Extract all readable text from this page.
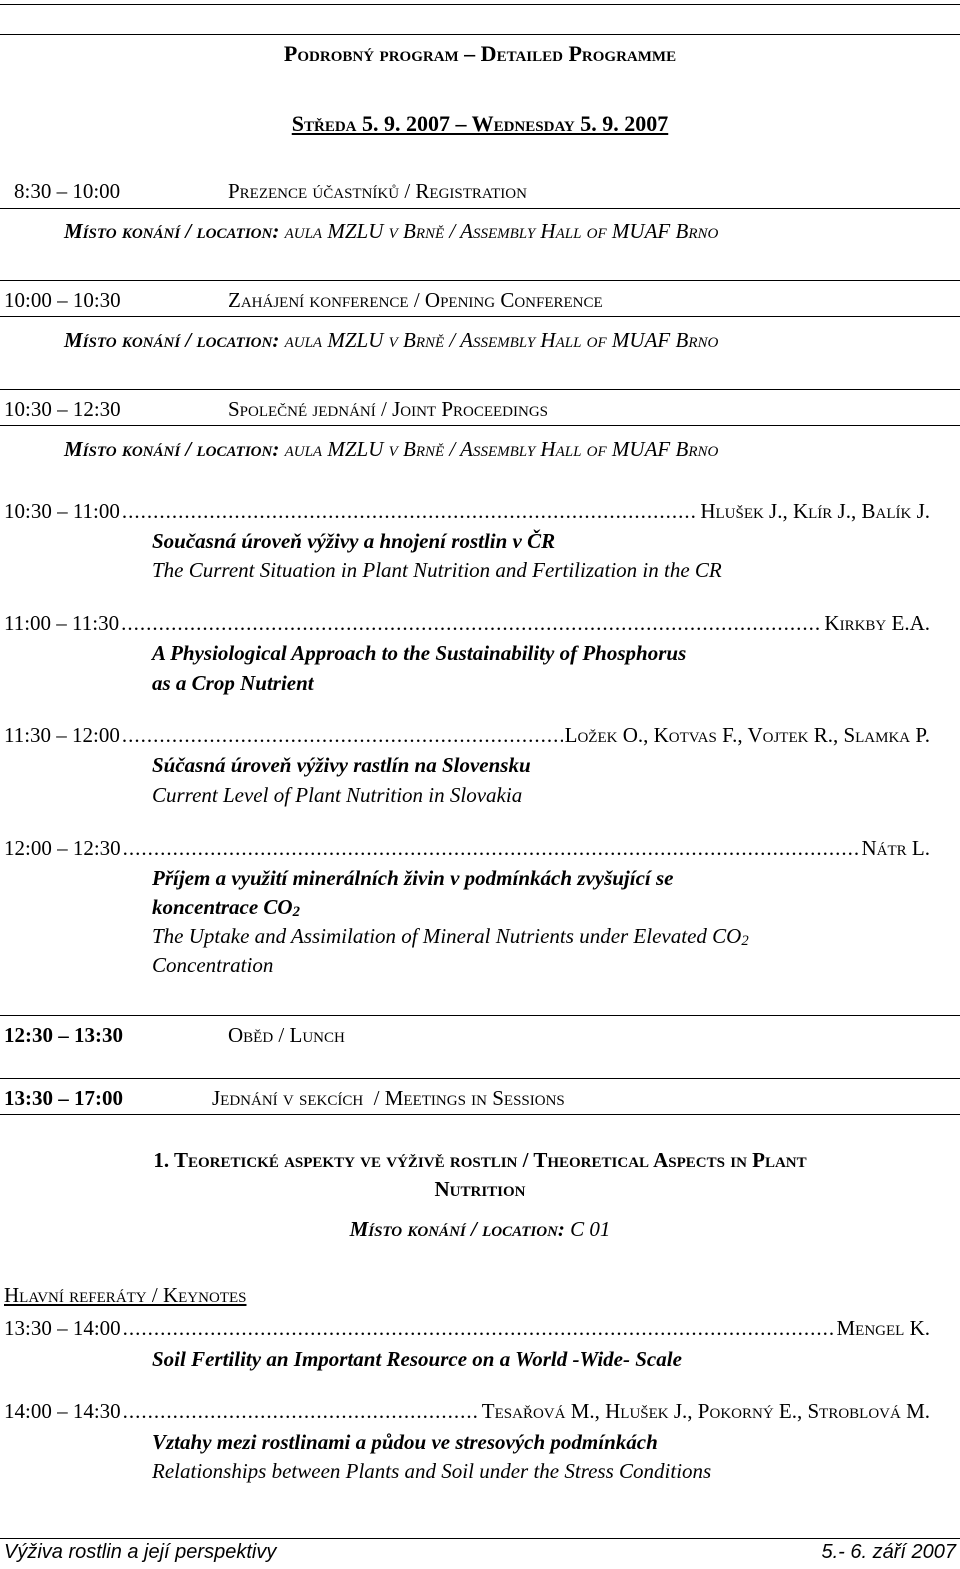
Podrobný program – Detailed Programme
Středa 5. 9. 2007 – Wednesday 5. 9. 2007
8:30 – 10:00	Prezence účastníků / Registration
Místo konání / location: aula MZLU v Brně / Assembly Hall of MUAF Brno
10:00 – 10:30	Zahájení konference / Opening Conference
Místo konání / location: aula MZLU v Brně / Assembly Hall of MUAF Brno
10:30 – 12:30	Společné jednání / Joint Proceedings
Místo konání / location: aula MZLU v Brně / Assembly Hall of MUAF Brno
10:30 – 11:00 .....	Hlušek J., Klír J., Balík J.
Současná úroveň výživy a hnojení rostlin v ČR
The Current Situation in Plant Nutrition and Fertilization in the CR
11:00 – 11:30 .....	Kirkby E.A.
A Physiological Approach to the Sustainability of Phosphorus
as a Crop Nutrient
11:30 – 12:00 .....	Ložek O., Kotvas F., Vojtek R., Slamka P.
Súčasná úroveň výživy rastlín na Slovensku
Current Level of Plant Nutrition in Slovakia
12:00 – 12:30 .....	Nátr L.
Příjem a využití minerálních živin v podmínkách zvyšující se
koncentrace $CO_2$
The Uptake and Assimilation of Mineral Nutrients under Elevated $CO_2$
Concentration
12:30 – 13:30	Oběd / Lunch
13:30 – 17:00	Jednání v sekcích  / Meetings in Sessions
1. Teoretické aspekty ve výživě rostlin / Theoretical Aspects in Plant
Nutrition
Místo konání / location: C 01
Hlavní referáty / Keynotes
13:30 – 14:00 .....	Mengel K.
Soil Fertility an Important Resource on a World -Wide- Scale
14:00 – 14:30 .....	Tesařová M., Hlušek J., Pokorný E., Stroblová M.
Vztahy mezi rostlinami a půdou ve stresových podmínkách
Relationships between Plants and Soil under the Stress Conditions
Výživa rostlin a její perspektivy	5.- 6. září 2007
